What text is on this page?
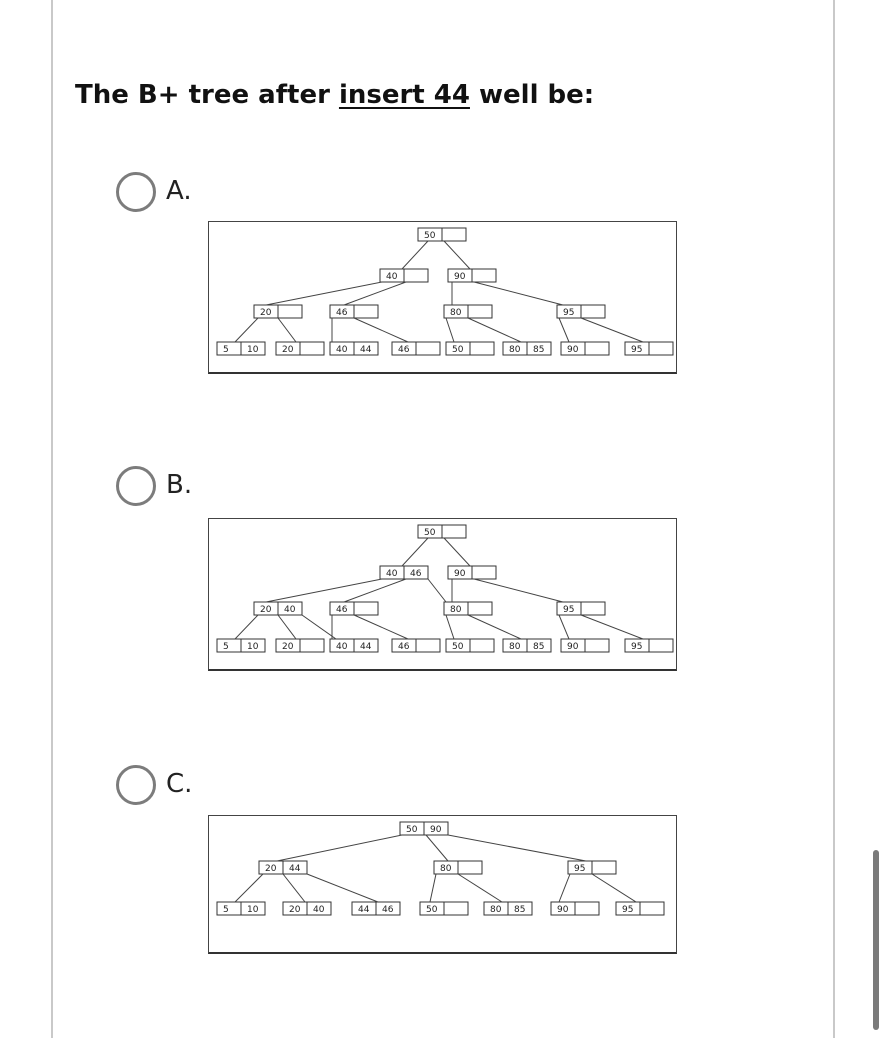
The B+ tree after insert 44 well be:
A.
50
40	90
20	46	80	95
5 10	20	40 44	46	50	80 85	90	95
B.
50
40 46	90
20 40	46	80	95
5 10	20	40 44	46	50	80 85	90	95
C.
50 90
20 44	80	95
5 10	20 40	44 46	50	80 85	90	95
